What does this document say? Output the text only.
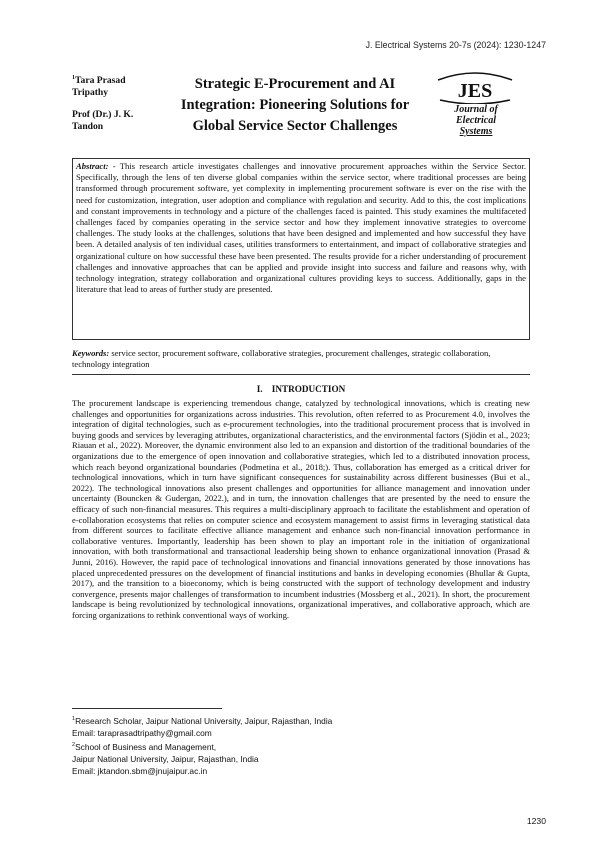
J. Electrical Systems 20-7s (2024): 1230-1247
$^1$Tara Prasad Tripathy
Prof (Dr.) J. K. Tandon
Strategic E-Procurement and AI Integration: Pioneering Solutions for Global Service Sector Challenges
JES
Journal of
Electrical
Systems
Abstract: - This research article investigates challenges and innovative procurement approaches within the Service Sector. Specifically, through the lens of ten diverse global companies within the service sector, where traditional processes are being transformed through procurement software, yet complexity in implementing procurement software is ever on the rise with the need for customization, integration, user adoption and compliance with regulation and security. Add to this, the cost implications and constant improvements in technology and a picture of the challenges faced is painted. This study examines the multifaceted challenges faced by companies operating in the service sector and how they implement innovative strategies to overcome challenges. The study looks at the challenges, solutions that have been designed and implemented and how successful they have been. A detailed analysis of ten individual cases, utilities transformers to entertainment, and impact of collaborative strategies and organizational culture on how successful these have been presented. The results provide for a richer understanding of procurement challenges and innovative approaches that can be applied and provide insight into success and failure and reasons why, with technology integration, strategy collaboration and organizational cultures providing keys to success. Additionally, gaps in the literature that lead to areas of further study are presented.
Keywords: service sector, procurement software, collaborative strategies, procurement challenges, strategic collaboration, technology integration
I.    INTRODUCTION
The procurement landscape is experiencing tremendous change, catalyzed by technological innovations, which is creating new challenges and opportunities for organizations across industries. This revolution, often referred to as Procurement 4.0, involves the integration of digital technologies, such as e-procurement technologies, into the traditional procurement process that is involved in buying goods and services by leveraging attributes, organizational characteristics, and the environmental factors (Sjödin et al., 2023; Riauan et al., 2022). Moreover, the dynamic environment also led to an expansion and distortion of the traditional boundaries of the organizations due to the emergence of open innovation and collaborative strategies, which led to a distributed innovation process, which reach beyond organizational boundaries (Podmetina et al., 2018;). Thus, collaboration has emerged as a critical driver for technological innovations, which in turn have significant consequences for sustainability across different businesses (Bui et al., 2022). The technological innovations also present challenges and opportunities for alliance management and innovation under uncertainty (Bouncken & Gudergan, 2022.), and in turn, the innovation challenges that are presented by the need to ensure the efficacy of such non-financial measures. This requires a multi-disciplinary approach to facilitate the establishment and operation of e-collaboration ecosystems that relies on computer science and ecosystem management to assist firms in leveraging statistical data from different sources to facilitate effective alliance management and enhance such non-financial innovation performance in collaborative ventures. Importantly, leadership has been shown to play an important role in the initiation of organizational innovation, with both transformational and transactional leadership being shown to enhance organizational innovation (Prasad & Junni, 2016). However, the rapid pace of technological innovations and financial innovations generated by those innovations has placed unprecedented pressures on the development of financial institutions and banks in developing economies (Bhullar & Gupta, 2017), and the transition to a bioeconomy, which is being constructed with the support of technology development and industry convergence, presents major challenges of transformation to incumbent industries (Mossberg et al., 2021). In short, the procurement landscape is being revolutionized by technological innovations, organizational imperatives, and collaborative approach, which are forcing organizations to rethink conventional ways of working.
$^1$Research Scholar, Jaipur National University, Jaipur, Rajasthan, India
Email: taraprasadtripathy@gmail.com
$^2$School of Business and Management,
Jaipur National University, Jaipur, Rajasthan, India
Email: jktandon.sbm@jnujaipur.ac.in
1230
